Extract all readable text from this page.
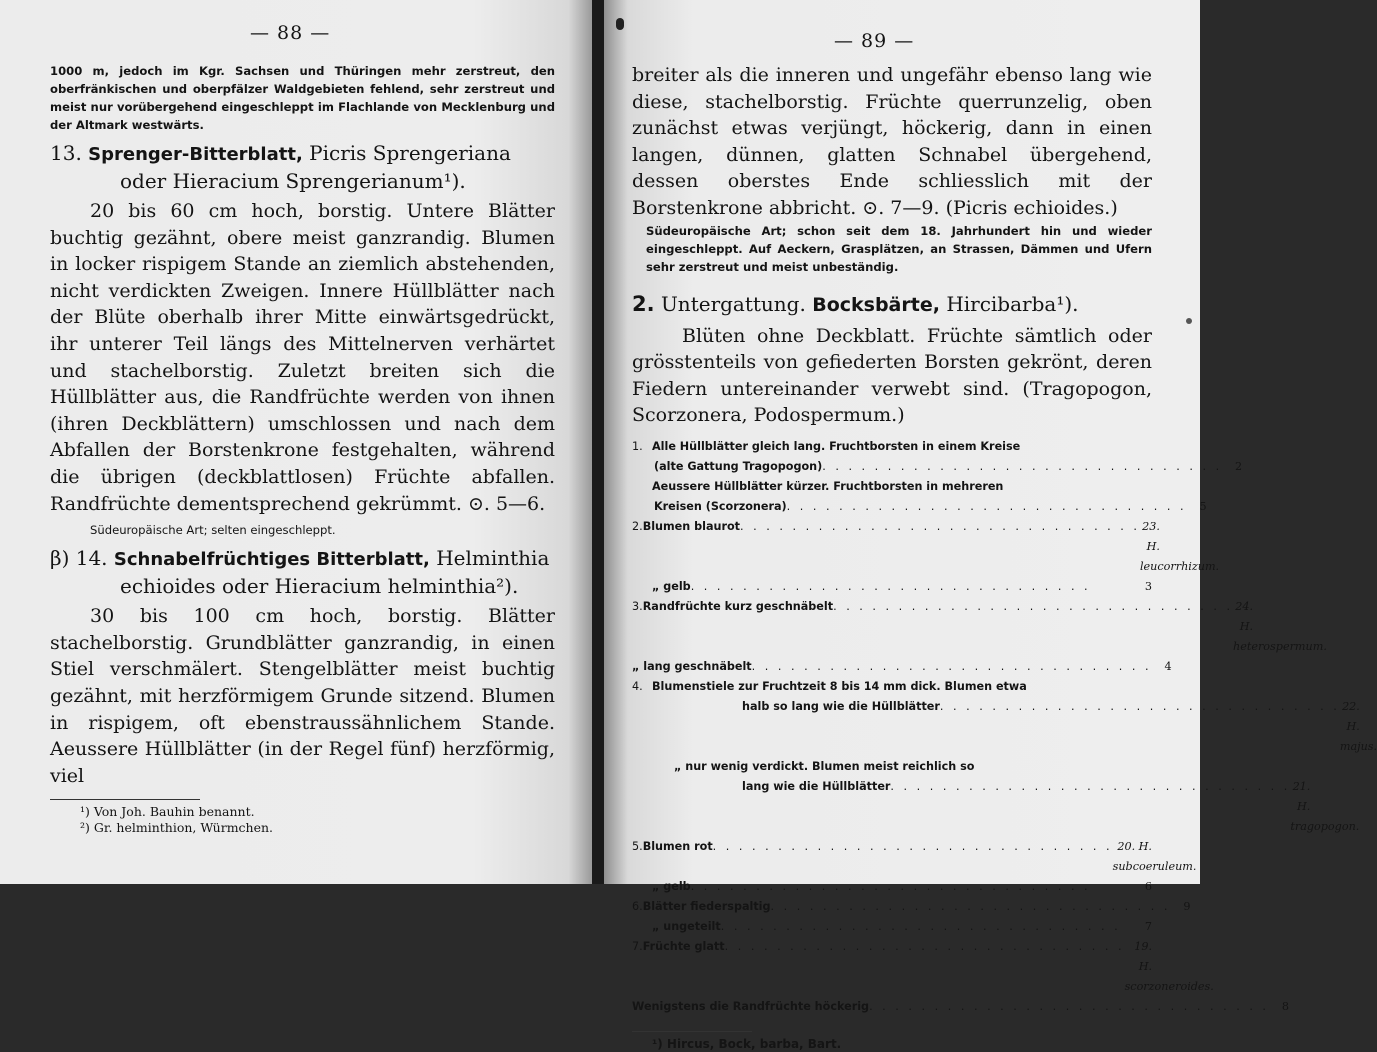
— 88 —

1000 m, jedoch im Kgr. Sachsen und Thüringen mehr zerstreut, den oberfränkischen und oberpfälzer Waldgebieten fehlend, sehr zerstreut und meist nur vorübergehend eingeschleppt im Flachlande von Mecklenburg und der Altmark westwärts.

13. Sprenger-Bitterblatt, Picris Sprengeriana
oder Hieracium Sprengerianum¹).

20 bis 60 cm hoch, borstig. Untere Blätter buchtig gezähnt, obere meist ganzrandig. Blumen in locker rispigem Stande an ziemlich abstehenden, nicht verdickten Zweigen. Innere Hüllblätter nach der Blüte oberhalb ihrer Mitte einwärtsgedrückt, ihr unterer Teil längs des Mittelnerven verhärtet und stachelborstig. Zuletzt breiten sich die Hüllblätter aus, die Randfrüchte werden von ihnen (ihren Deckblättern) umschlossen und nach dem Abfallen der Borstenkrone festgehalten, während die übrigen (deckblattlosen) Früchte abfallen. Randfrüchte dementsprechend gekrümmt. ⊙. 5—6.

Südeuropäische Art; selten eingeschleppt.

β) 14. Schnabelfrüchtiges Bitterblatt, Helminthia
echioides oder Hieracium helminthia²).

30 bis 100 cm hoch, borstig. Blätter stachelborstig. Grundblätter ganzrandig, in einen Stiel verschmälert. Stengelblätter meist buchtig gezähnt, mit herzförmigem Grunde sitzend. Blumen in rispigem, oft ebenstraussähnlichem Stande. Aeussere Hüllblätter (in der Regel fünf) herzförmig, viel

¹) Von Joh. Bauhin benannt.

²) Gr. helminthion, Würmchen.

— 89 —

breiter als die inneren und ungefähr ebenso lang wie diese, stachelborstig. Früchte querrunzelig, oben zunächst etwas verjüngt, höckerig, dann in einen langen, dünnen, glatten Schnabel übergehend, dessen oberstes Ende schliesslich mit der Borstenkrone abbricht. ⊙. 7—9. (Picris echioides.)

Südeuropäische Art; schon seit dem 18. Jahrhundert hin und wieder eingeschleppt. Auf Aeckern, Grasplätzen, an Strassen, Dämmen und Ufern sehr zerstreut und meist unbeständig.

2. Untergattung. Bocksbärte, Hircibarba¹).

Blüten ohne Deckblatt. Früchte sämtlich oder grösstenteils von gefiederten Borsten gekrönt, deren Fiedern untereinander verwebt sind. (Tragopogon, Scorzonera, Podospermum.)

1. Alle Hüllblätter gleich lang. Fruchtborsten in einem Kreise
(alte Gattung Tragopogon) . . . . . . . . . . . . . . . . . . . . . . . . . . . . . . .	2
Aeussere Hüllblätter kürzer. Fruchtborsten in mehreren
Kreisen (Scorzonera) . . . . . . . . . . . . . . . . . . . . . . . . . . . . . . .	5
2. Blumen blaurot . . . . . . . . . . . . . . . . . . . . . . . . . . . . . . . 23. H. leucorrhizum.
„ gelb . . . . . . . . . . . . . . . . . . . . . . . . . . . . . . .	3
3. Randfrüchte kurz geschnäbelt . . . . . . . . . . . . . . . . . . . . . . . . . . . . . . . 24. H. heterospermum.
„ lang geschnäbelt . . . . . . . . . . . . . . . . . . . . . . . . . . . . . . .	4
4. Blumenstiele zur Fruchtzeit 8 bis 14 mm dick. Blumen etwa
halb so lang wie die Hüllblätter . . . . . . . . . . . . . . . . . . . . . . . . . . . . . . . 22. H. majus.
„ nur wenig verdickt. Blumen meist reichlich so
lang wie die Hüllblätter . . . . . . . . . . . . . . . . . . . . . . . . . . . . . . . 21. H. tragopogon.
5. Blumen rot . . . . . . . . . . . . . . . . . . . . . . . . . . . . . . . 20. H. subcoeruleum.
„ gelb . . . . . . . . . . . . . . . . . . . . . . . . . . . . . . .	6
6. Blätter fiederspaltig . . . . . . . . . . . . . . . . . . . . . . . . . . . . . . .	9
„ ungeteilt . . . . . . . . . . . . . . . . . . . . . . . . . . . . . . .	7
7. Früchte glatt . . . . . . . . . . . . . . . . . . . . . . . . . . . . . . . 19. H. scorzoneroides.
Wenigstens die Randfrüchte höckerig . . . . . . . . . . . . . . . . . . . . . . . . . . . . . . .	8

¹) Hircus, Bock, barba, Bart.
